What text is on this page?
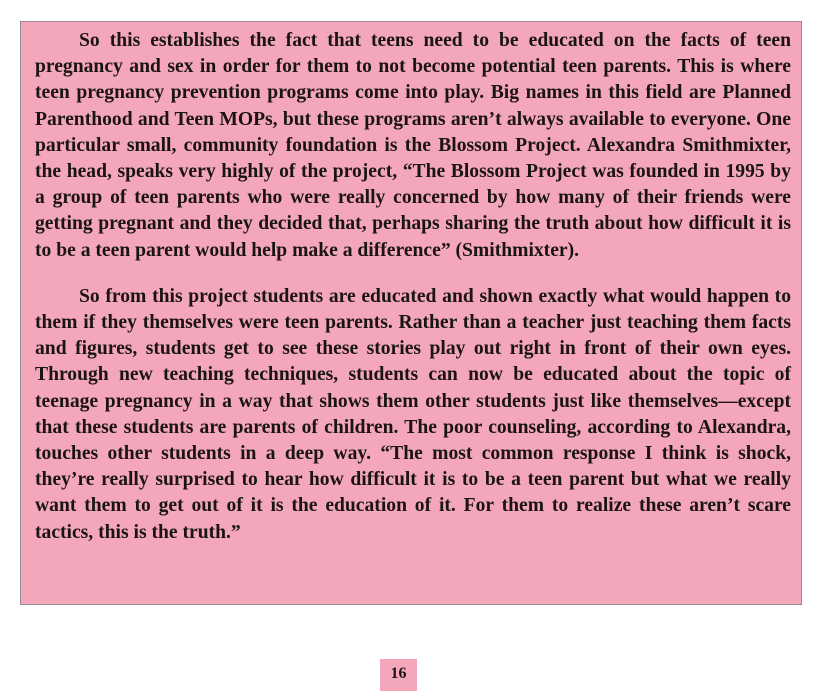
So this establishes the fact that teens need to be educated on the facts of teen pregnancy and sex in order for them to not become potential teen parents. This is where teen pregnancy prevention programs come into play. Big names in this field are Planned Parenthood and Teen MOPs, but these programs aren’t always available to everyone. One particular small, community foundation is the Blossom Project. Alexandra Smithmixter, the head, speaks very highly of the project, “The Blossom Project was founded in 1995 by a group of teen parents who were really concerned by how many of their friends were getting pregnant and they decided that, perhaps sharing the truth about how difficult it is to be a teen parent would help make a difference” (Smithmixter).

So from this project students are educated and shown exactly what would happen to them if they themselves were teen parents. Rather than a teacher just teaching them facts and figures, students get to see these stories play out right in front of their own eyes. Through new teaching techniques, students can now be educated about the topic of teenage pregnancy in a way that shows them other students just like themselves—except that these students are parents of children. The poor counseling, according to Alexandra, touches other students in a deep way. “The most common response I think is shock, they’re really surprised to hear how difficult it is to be a teen parent but what we really want them to get out of it is the education of it. For them to realize these aren’t scare tactics, this is the truth.”

16
